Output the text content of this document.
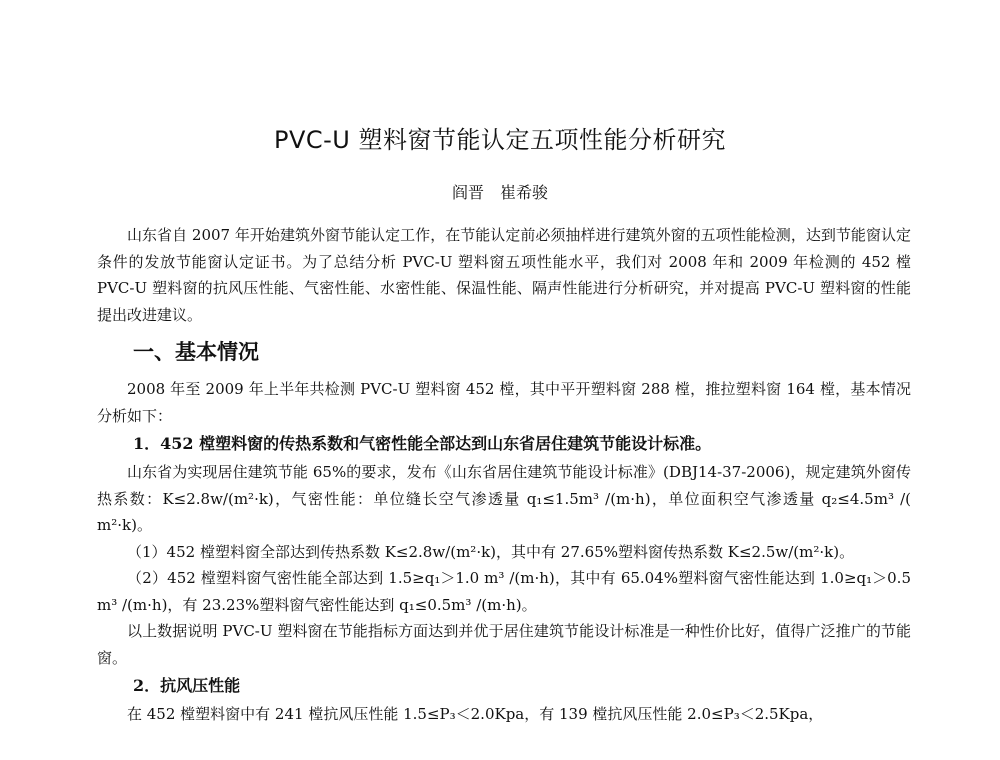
PVC-U 塑料窗节能认定五项性能分析研究
阎晋　崔希骏

山东省自 2007 年开始建筑外窗节能认定工作，在节能认定前必须抽样进行建筑外窗的五项性能检测，达到节能窗认定条件的发放节能窗认定证书。为了总结分析 PVC-U 塑料窗五项性能水平，我们对 2008 年和 2009 年检测的 452 樘 PVC-U 塑料窗的抗风压性能、气密性能、水密性能、保温性能、隔声性能进行分析研究，并对提高 PVC-U 塑料窗的性能提出改进建议。

一、基本情况

2008 年至 2009 年上半年共检测 PVC-U 塑料窗 452 樘，其中平开塑料窗 288 樘，推拉塑料窗 164 樘，基本情况分析如下：

1．452 樘塑料窗的传热系数和气密性能全部达到山东省居住建筑节能设计标准。

山东省为实现居住建筑节能 65%的要求，发布《山东省居住建筑节能设计标准》(DBJ14-37-2006)，规定建筑外窗传热系数：K≤2.8w/(m²·k)，气密性能：单位缝长空气渗透量 q₁≤1.5m³ /(m·h)，单位面积空气渗透量 q₂≤4.5m³ /( m²·k)。

（1）452 樘塑料窗全部达到传热系数 K≤2.8w/(m²·k)，其中有 27.65%塑料窗传热系数 K≤2.5w/(m²·k)。

（2）452 樘塑料窗气密性能全部达到 1.5≥q₁＞1.0 m³ /(m·h)，其中有 65.04%塑料窗气密性能达到 1.0≥q₁＞0.5 m³ /(m·h)，有 23.23%塑料窗气密性能达到 q₁≤0.5m³ /(m·h)。

以上数据说明 PVC-U 塑料窗在节能指标方面达到并优于居住建筑节能设计标准是一种性价比好，值得广泛推广的节能窗。

2．抗风压性能

在 452 樘塑料窗中有 241 樘抗风压性能 1.5≤P₃＜2.0Kpa，有 139 樘抗风压性能 2.0≤P₃＜2.5Kpa，
